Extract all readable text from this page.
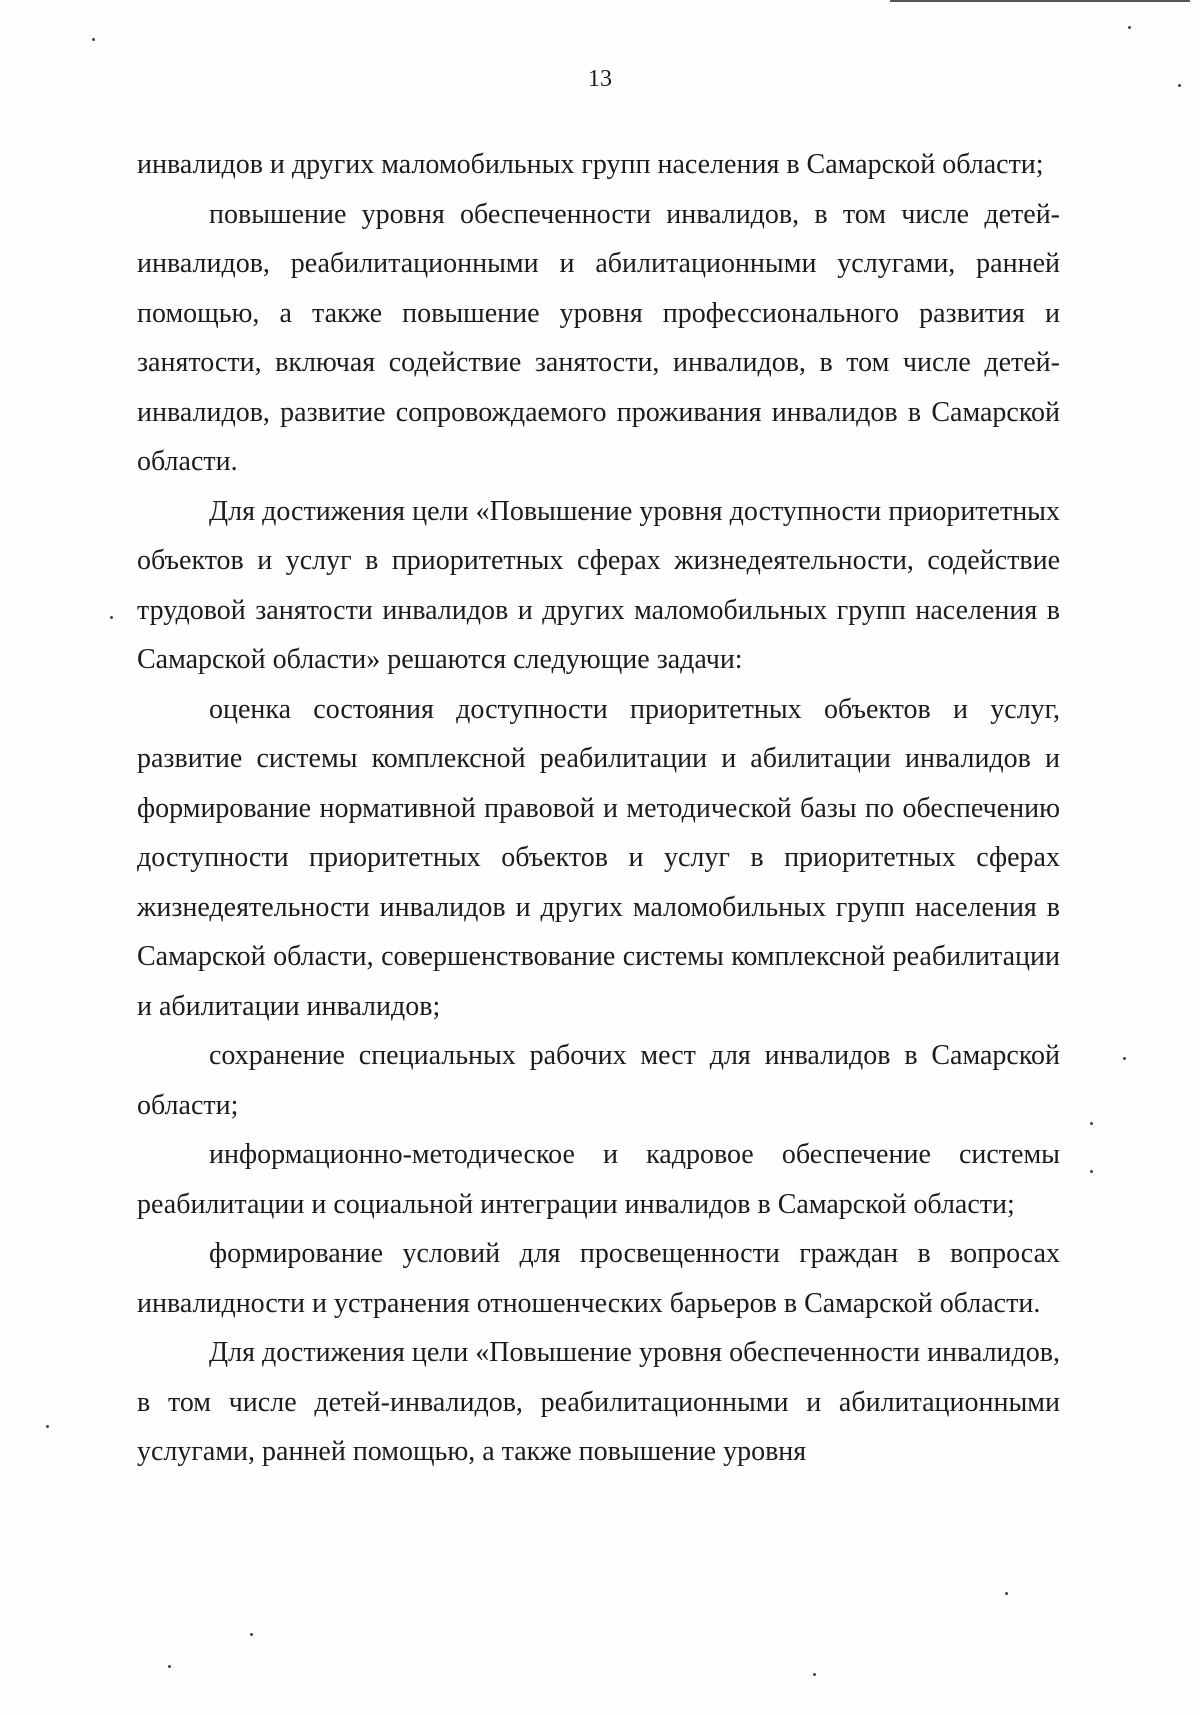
13

инвалидов и других маломобильных групп населения в Самарской области;

повышение уровня обеспеченности инвалидов, в том числе детей-инвалидов, реабилитационными и абилитационными услугами, ранней помощью, а также повышение уровня профессионального развития и занятости, включая содействие занятости, инвалидов, в том числе детей-инвалидов, развитие сопровождаемого проживания инвалидов в Самарской области.

Для достижения цели «Повышение уровня доступности приоритетных объектов и услуг в приоритетных сферах жизнедеятельности, содействие трудовой занятости инвалидов и других маломобильных групп населения в Самарской области» решаются следующие задачи:

оценка состояния доступности приоритетных объектов и услуг, развитие системы комплексной реабилитации и абилитации инвалидов и формирование нормативной правовой и методической базы по обеспечению доступности приоритетных объектов и услуг в приоритетных сферах жизнедеятельности инвалидов и других маломобильных групп населения в Самарской области, совершенствование системы комплексной реабилитации и абилитации инвалидов;

сохранение специальных рабочих мест для инвалидов в Самарской области;

информационно-методическое и кадровое обеспечение системы реабилитации и социальной интеграции инвалидов в Самарской области;

формирование условий для просвещенности граждан в вопросах инвалидности и устранения отношенческих барьеров в Самарской области.

Для достижения цели «Повышение уровня обеспеченности инвалидов, в том числе детей-инвалидов, реабилитационными и абилитационными услугами, ранней помощью, а также повышение уровня
